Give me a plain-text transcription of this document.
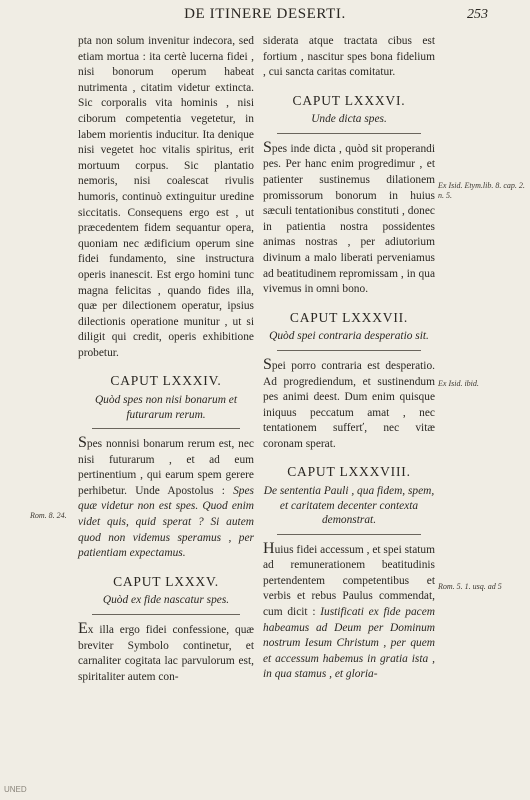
DE ITINERE DESERTI.	253

pta non solum invenitur indecora, sed etiam mortua : ita certè lucerna fidei , nisi bonorum operum habeat nutrimenta , citatim videtur extincta. Sic corporalis vita hominis , nisi ciborum competentia vegetetur, in labem morientis inducitur. Ita denique nisi vegetet hoc vitalis spiritus, erit mortuum corpus. Sic plantatio nemoris, nisi coalescat rivulis humoris, continuò extinguitur uredine siccitatis. Consequens ergo est , ut præcedentem fidem sequantur opera, quoniam nec ædificium operum sine fidei fundamento, sine instructura operis inanescit. Est ergo homini tunc magna felicitas , quando fides illa, quæ per dilectionem operatur, ipsius dilectionis operatione munitur , ut si diligit qui credit, operis exhibitione probetur.

CAPUT LXXXIV.
Quòd spes non nisi bonarum et futurarum rerum.

Spes nonnisi bonarum rerum est, nec nisi futurarum , et ad eum pertinentium , qui earum spem gerere perhibetur. Unde Apostolus : Spes quæ videtur non est spes. Quod enim videt quis, quid sperat ? Si autem quod non videmus speramus , per patientiam expectamus.

CAPUT LXXXV.
Quòd ex fide nascatur spes.

Ex illa ergo fidei confessione, quæ breviter Symbolo continetur, et carnaliter cogitata lac parvulorum est, spiritaliter autem con-

siderata atque tractata cibus est fortium , nascitur spes bona fidelium , cui sancta caritas comitatur.

CAPUT LXXXVI.
Unde dicta spes.

Spes inde dicta , quòd sit properandi pes. Per hanc enim progredimur , et patienter sustinemus dilationem promissorum bonorum in huius sæculi tentationibus constituti , donec in patientia nostra possidentes animas nostras , per adiutorium divinum a malo liberati perveniamus ad beatitudinem repromissam , in qua vivemus in omni bono.

CAPUT LXXXVII.
Quòd spei contraria desperatio sit.

Spei porro contraria est desperatio. Ad progrediendum, et sustinendum pes animi deest. Dum enim quisque iniquus peccatum amat , nec tentationem sufferť, nec vitæ coronam sperat.

CAPUT LXXXVIII.
De sententia Pauli , qua fidem, spem, et caritatem decenter contexta demonstrat.

Huius fidei accessum , et spei statum ad remunerationem beatitudinis pertendentem competentibus et verbis et rebus Paulus commendat, cum dicit : Iustificati ex fide pacem habeamus ad Deum per Dominum nostrum Iesum Christum , per quem et accessum habemus in gratia ista , in qua stamus , et gloria-

Rom. 8. 24.
Ex Isid. Etym.lib. 8. cap. 2. n. 5.
Ex Isid. ibid.
Rom. 5. 1. usq. ad 5
UNED
